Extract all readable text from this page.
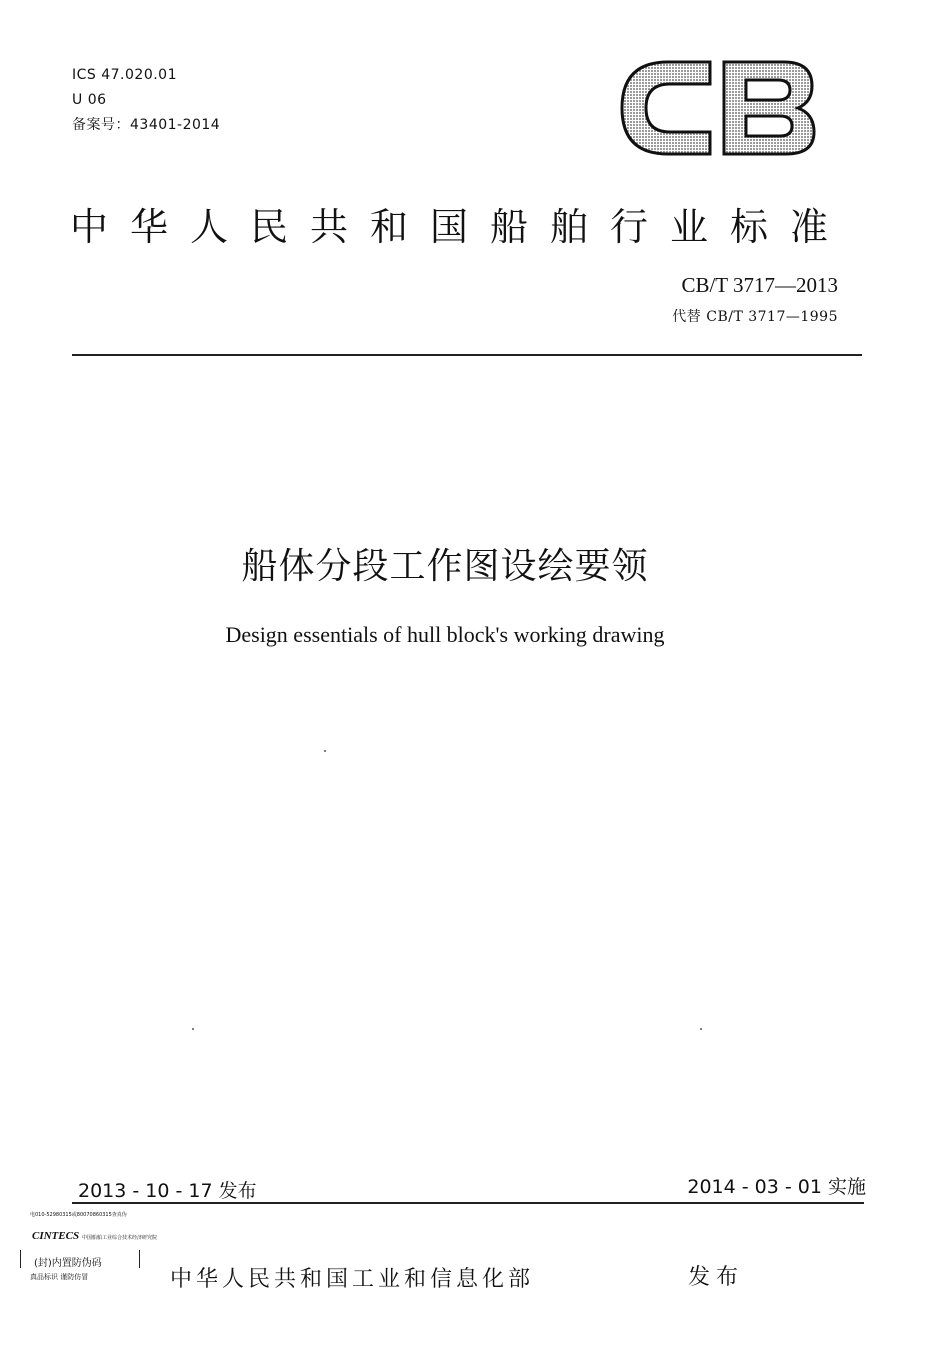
ICS 47.020.01
U 06
备案号：43401-2014
中华人民共和国船舶行业标准
CB/T 3717—2013
代替 CB/T 3717—1995
船体分段工作图设绘要领
Design essentials of hull block's working drawing
2013 - 10 - 17 发布	2014 - 03 - 01 实施
电010-52980315或80070860315查真伪
CINTECS 中国船舶工业综合技术经济研究院
(封)内置防伪码
真品标识 谨防仿冒	中华人民共和国工业和信息化部	发布
